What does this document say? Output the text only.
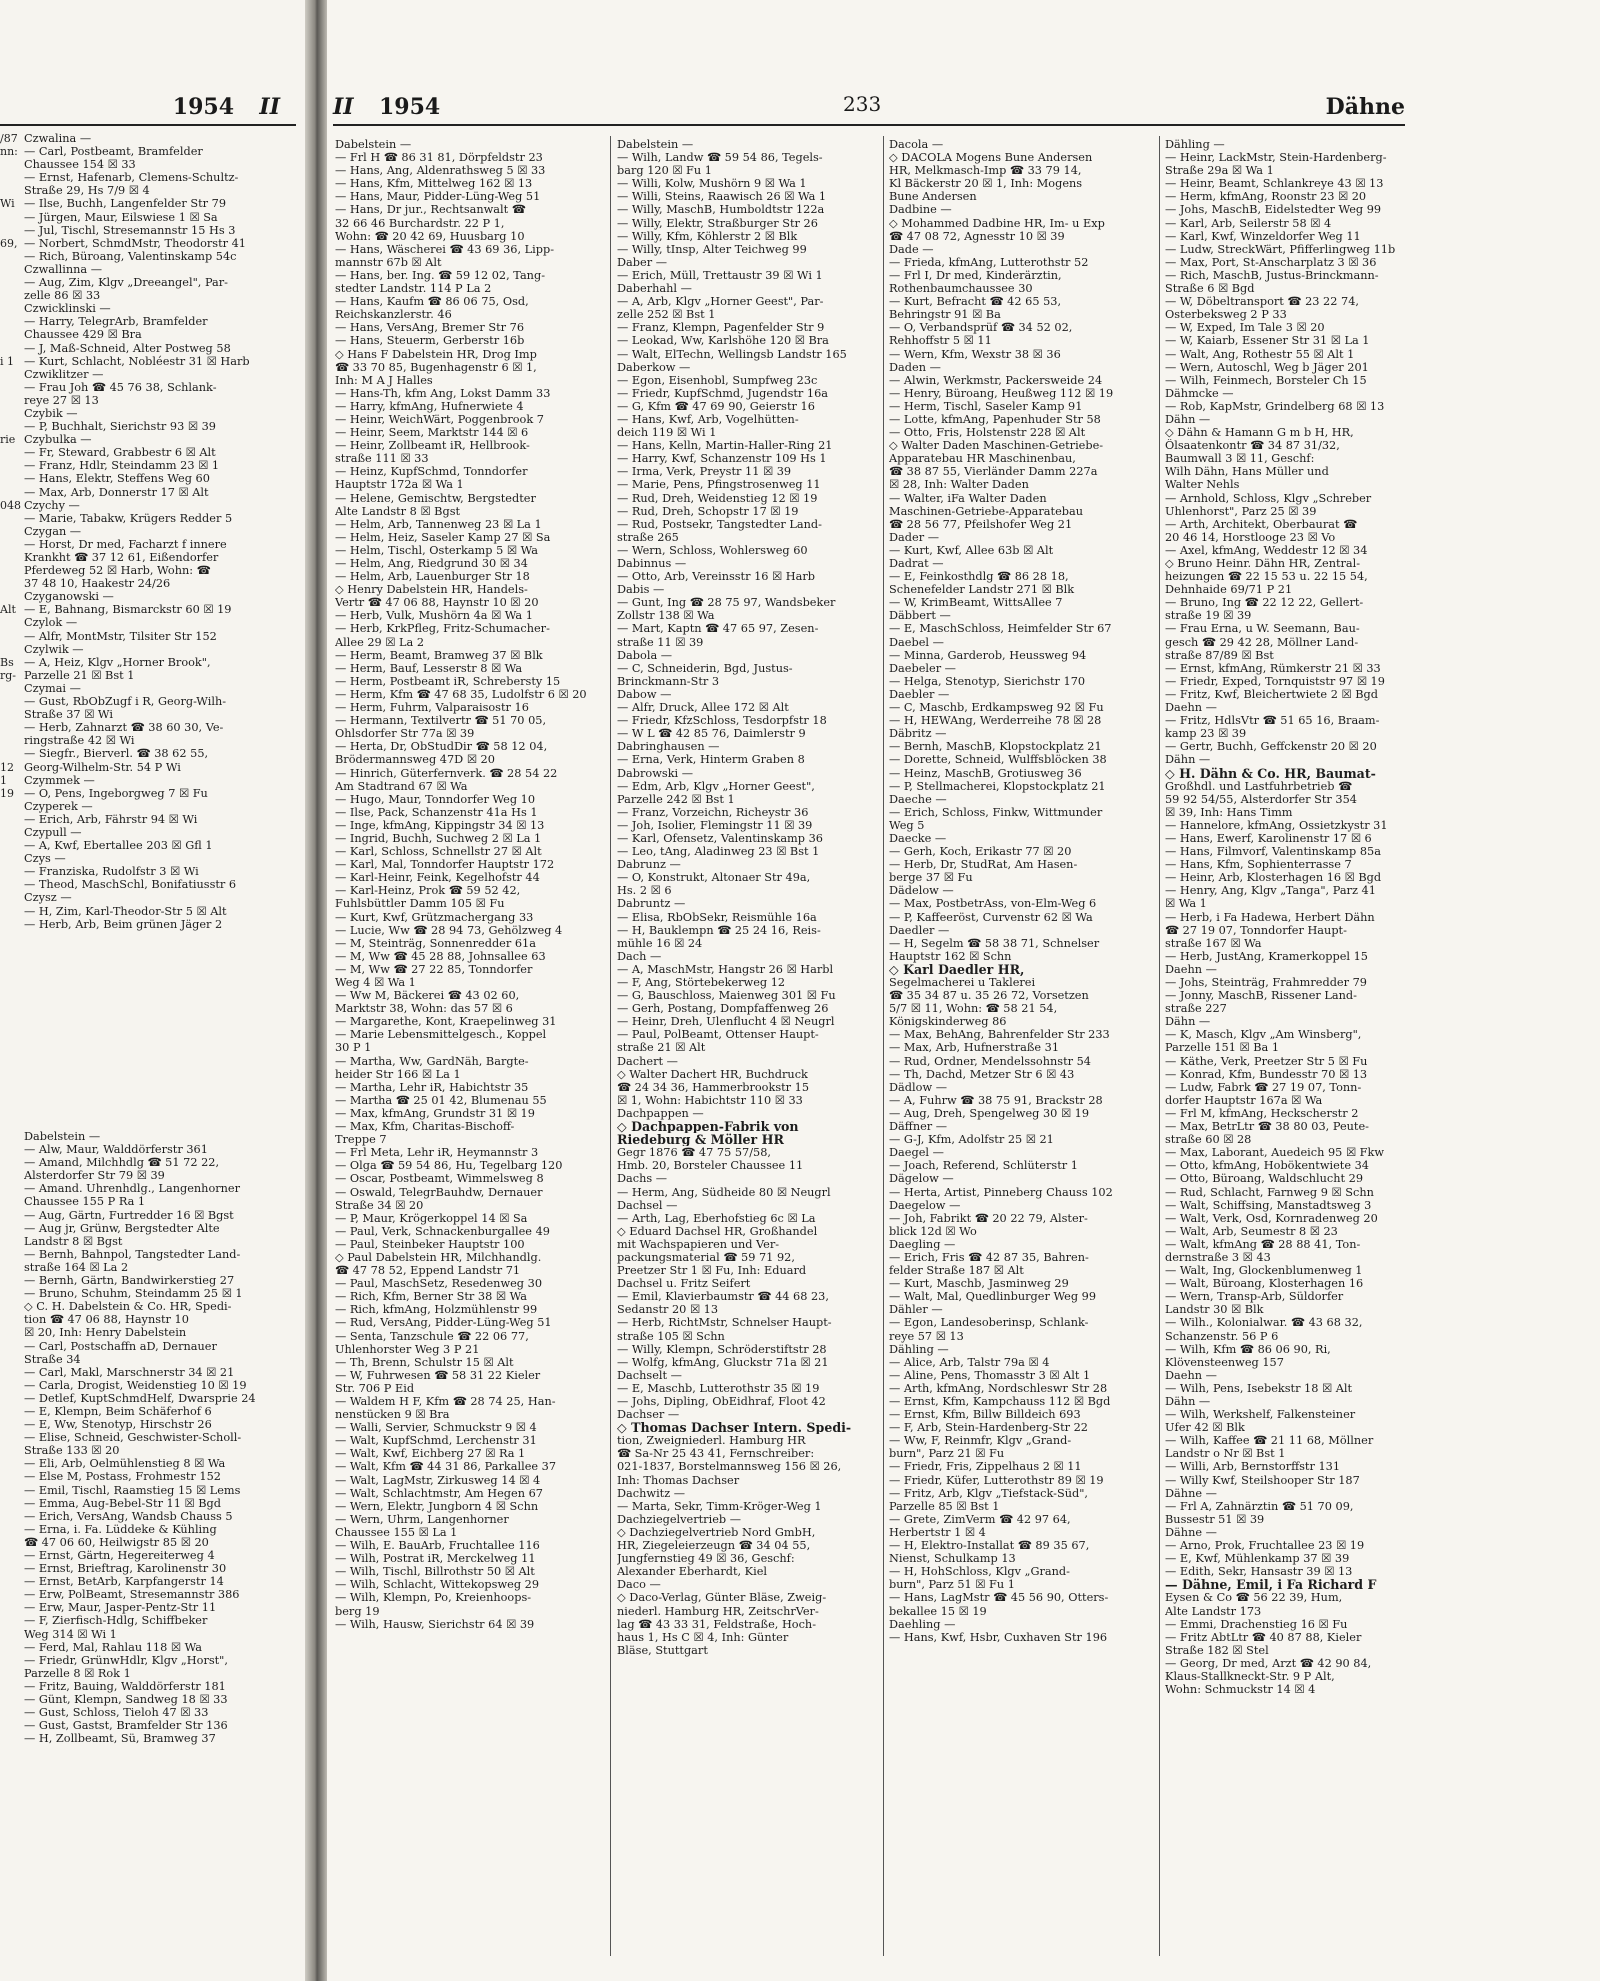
1954 II
/87
nn:

Wi

69,

i 1

rie

048

Alt

Bs
rg-

12
1
19
Czwalina —
— Carl, Postbeamt, Bramfelder
Chaussee 154 ☒ 33
— Ernst, Hafenarb, Clemens-Schultz-
Straße 29, Hs 7/9 ☒ 4
— Ilse, Buchh, Langenfelder Str 79
— Jürgen, Maur, Eilswiese 1 ☒ Sa
— Jul, Tischl, Stresemannstr 15 Hs 3
— Norbert, SchmdMstr, Theodorstr 41
— Rich, Büroang, Valentinskamp 54c
Czwallinna —
— Aug, Zim, Klgv „Dreeangel", Par-
zelle 86 ☒ 33
Czwicklinski —
— Harry, TelegrArb, Bramfelder
Chaussee 429 ☒ Bra
— J, Maß-Schneid, Alter Postweg 58
— Kurt, Schlacht, Nobléestr 31 ☒ Harb
Czwiklitzer —
— Frau Joh ☎ 45 76 38, Schlank-
reye 27 ☒ 13
Czybik —
— P, Buchhalt, Sierichstr 93 ☒ 39
Czybulka —
— Fr, Steward, Grabbestr 6 ☒ Alt
— Franz, Hdlr, Steindamm 23 ☒ 1
— Hans, Elektr, Steffens Weg 60
— Max, Arb, Donnerstr 17 ☒ Alt
Czychy —
— Marie, Tabakw, Krügers Redder 5
Czygan —
— Horst, Dr med, Facharzt f innere
Krankht ☎ 37 12 61, Eißendorfer
Pferdeweg 52 ☒ Harb, Wohn: ☎
37 48 10, Haakestr 24/26
Czyganowski —
— E, Bahnang, Bismarckstr 60 ☒ 19
Czylok —
— Alfr, MontMstr, Tilsiter Str 152
Czylwik —
— A, Heiz, Klgv „Horner Brook",
Parzelle 21 ☒ Bst 1
Czymai —
— Gust, RbObZugf i R, Georg-Wilh-
Straße 37 ☒ Wi
— Herb, Zahnarzt ☎ 38 60 30, Ve-
ringstraße 42 ☒ Wi
— Siegfr., Bierverl. ☎ 38 62 55,
Georg-Wilhelm-Str. 54 P Wi
Czymmek —
— O, Pens, Ingeborgweg 7 ☒ Fu
Czyperek —
— Erich, Arb, Fährstr 94 ☒ Wi
Czypull —
— A, Kwf, Ebertallee 203 ☒ Gfl 1
Czys —
— Franziska, Rudolfstr 3 ☒ Wi
— Theod, MaschSchl, Bonifatiusstr 6
Czysz —
— H, Zim, Karl-Theodor-Str 5 ☒ Alt
— Herb, Arb, Beim grünen Jäger 2
Dabelstein —
— Alw, Maur, Walddörferstr 361
— Amand, Milchhdlg ☎ 51 72 22,
Alsterdorfer Str 79 ☒ 39
— Amand. Uhrenhdlg., Langenhorner
Chaussee 155 P Ra 1
— Aug, Gärtn, Furtredder 16 ☒ Bgst
— Aug jr, Grünw, Bergstedter Alte
Landstr 8 ☒ Bgst
— Bernh, Bahnpol, Tangstedter Land-
straße 164 ☒ La 2
— Bernh, Gärtn, Bandwirkerstieg 27
— Bruno, Schuhm, Steindamm 25 ☒ 1
◇ C. H. Dabelstein & Co. HR, Spedi-
tion ☎ 47 06 88, Haynstr 10
☒ 20, Inh: Henry Dabelstein
— Carl, Postschaffn aD, Dernauer
Straße 34
— Carl, Makl, Marschnerstr 34 ☒ 21
— Carla, Drogist, Weidenstieg 10 ☒ 19
— Detlef, KuptSchmdHelf, Dwarsprie 24
— E, Klempn, Beim Schäferhof 6
— E, Ww, Stenotyp, Hirschstr 26
— Elise, Schneid, Geschwister-Scholl-
Straße 133 ☒ 20
— Eli, Arb, Oelmühlenstieg 8 ☒ Wa
— Else M, Postass, Frohmestr 152
— Emil, Tischl, Raamstieg 15 ☒ Lems
— Emma, Aug-Bebel-Str 11 ☒ Bgd
— Erich, VersAng, Wandsb Chauss 5
— Erna, i. Fa. Lüddeke & Kühling
☎ 47 06 60, Heilwigstr 85 ☒ 20
— Ernst, Gärtn, Hegereiterweg 4
— Ernst, Brieftrag, Karolinenstr 30
— Ernst, BetArb, Karpfangerstr 14
— Erw, PolBeamt, Stresemannstr 386
— Erw, Maur, Jasper-Pentz-Str 11
— F, Zierfisch-Hdlg, Schiffbeker
Weg 314 ☒ Wi 1
— Ferd, Mal, Rahlau 118 ☒ Wa
— Friedr, GrünwHdlr, Klgv „Horst",
Parzelle 8 ☒ Rok 1
— Fritz, Bauing, Walddörferstr 181
— Günt, Klempn, Sandweg 18 ☒ 33
— Gust, Schloss, Tieloh 47 ☒ 33
— Gust, Gastst, Bramfelder Str 136
— H, Zollbeamt, Sü, Bramweg 37
II 1954	233	Dähne
Dabelstein —
— Frl H ☎ 86 31 81, Dörpfeldstr 23
— Hans, Ang, Aldenrathsweg 5 ☒ 33
— Hans, Kfm, Mittelweg 162 ☒ 13
— Hans, Maur, Pidder-Lüng-Weg 51
— Hans, Dr jur., Rechtsanwalt ☎
32 66 46 Burchardstr. 22 P 1,
Wohn: ☎ 20 42 69, Huusbarg 10
— Hans, Wäscherei ☎ 43 69 36, Lipp-
mannstr 67b ☒ Alt
— Hans, ber. Ing. ☎ 59 12 02, Tang-
stedter Landstr. 114 P La 2
— Hans, Kaufm ☎ 86 06 75, Osd,
Reichskanzlerstr. 46
— Hans, VersAng, Bremer Str 76
— Hans, Steuerm, Gerberstr 16b
◇ Hans F Dabelstein HR, Drog Imp
☎ 33 70 85, Bugenhagenstr 6 ☒ 1,
Inh: M A J Halles
— Hans-Th, kfm Ang, Lokst Damm 33
— Harry, kfmAng, Hufnerwiete 4
— Heinr, WeichWärt, Poggenbrook 7
— Heinr, Seem, Marktstr 144 ☒ 6
— Heinr, Zollbeamt iR, Hellbrook-
straße 111 ☒ 33
— Heinz, KupfSchmd, Tonndorfer
Hauptstr 172a ☒ Wa 1
— Helene, Gemischtw, Bergstedter
Alte Landstr 8 ☒ Bgst
— Helm, Arb, Tannenweg 23 ☒ La 1
— Helm, Heiz, Saseler Kamp 27 ☒ Sa
— Helm, Tischl, Osterkamp 5 ☒ Wa
— Helm, Ang, Riedgrund 30 ☒ 34
— Helm, Arb, Lauenburger Str 18
◇ Henry Dabelstein HR, Handels-
Vertr ☎ 47 06 88, Haynstr 10 ☒ 20
— Herb, Vulk, Mushörn 4a ☒ Wa 1
— Herb, KrkPfleg, Fritz-Schumacher-
Allee 29 ☒ La 2
— Herm, Beamt, Bramweg 37 ☒ Blk
— Herm, Bauf, Lesserstr 8 ☒ Wa
— Herm, Postbeamt iR, Schrebersty 15
— Herm, Kfm ☎ 47 68 35, Ludolfstr 6 ☒ 20
— Herm, Fuhrm, Valparaisostr 16
— Hermann, Textilvertr ☎ 51 70 05,
Ohlsdorfer Str 77a ☒ 39
— Herta, Dr, ObStudDir ☎ 58 12 04,
Brödermannsweg 47D ☒ 20
— Hinrich, Güterfernverk. ☎ 28 54 22
Am Stadtrand 67 ☒ Wa
— Hugo, Maur, Tonndorfer Weg 10
— Ilse, Pack, Schanzenstr 41a Hs 1
— Inge, kfmAng, Kippingstr 34 ☒ 13
— Ingrid, Buchh, Suchweg 2 ☒ La 1
— Karl, Schloss, Schnellstr 27 ☒ Alt
— Karl, Mal, Tonndorfer Hauptstr 172
— Karl-Heinr, Feink, Kegelhofstr 44
— Karl-Heinz, Prok ☎ 59 52 42,
Fuhlsbüttler Damm 105 ☒ Fu
— Kurt, Kwf, Grützmachergang 33
— Lucie, Ww ☎ 28 94 73, Gehölzweg 4
— M, Steinträg, Sonnenredder 61a
— M, Ww ☎ 45 28 88, Johnsallee 63
— M, Ww ☎ 27 22 85, Tonndorfer
Weg 4 ☒ Wa 1
— Ww M, Bäckerei ☎ 43 02 60,
Marktstr 38, Wohn: das 57 ☒ 6
— Margarethe, Kont, Kraepelinweg 31
— Marie Lebensmittelgesch., Koppel
30 P 1
— Martha, Ww, GardNäh, Bargte-
heider Str 166 ☒ La 1
— Martha, Lehr iR, Habichtstr 35
— Martha ☎ 25 01 42, Blumenau 55
— Max, kfmAng, Grundstr 31 ☒ 19
— Max, Kfm, Charitas-Bischoff-
Treppe 7
— Frl Meta, Lehr iR, Heymannstr 3
— Olga ☎ 59 54 86, Hu, Tegelbarg 120
— Oscar, Postbeamt, Wimmelsweg 8
— Oswald, TelegrBauhdw, Dernauer
Straße 34 ☒ 20
— P, Maur, Krögerkoppel 14 ☒ Sa
— Paul, Verk, Schnackenburgallee 49
— Paul, Steinbeker Hauptstr 100
◇ Paul Dabelstein HR, Milchhandlg.
☎ 47 78 52, Eppend Landstr 71
— Paul, MaschSetz, Resedenweg 30
— Rich, Kfm, Berner Str 38 ☒ Wa
— Rich, kfmAng, Holzmühlenstr 99
— Rud, VersAng, Pidder-Lüng-Weg 51
— Senta, Tanzschule ☎ 22 06 77,
Uhlenhorster Weg 3 P 21
— Th, Brenn, Schulstr 15 ☒ Alt
— W, Fuhrwesen ☎ 58 31 22 Kieler
Str. 706 P Eid
— Waldem H F, Kfm ☎ 28 74 25, Han-
nenstücken 9 ☒ Bra
— Walli, Servier, Schmuckstr 9 ☒ 4
— Walt, KupfSchmd, Lerchenstr 31
— Walt, Kwf, Eichberg 27 ☒ Ra 1
— Walt, Kfm ☎ 44 31 86, Parkallee 37
— Walt, LagMstr, Zirkusweg 14 ☒ 4
— Walt, Schlachtmstr, Am Hegen 67
— Wern, Elektr, Jungborn 4 ☒ Schn
— Wern, Uhrm, Langenhorner
Chaussee 155 ☒ La 1
— Wilh, E. BauArb, Fruchtallee 116
— Wilh, Postrat iR, Merckelweg 11
— Wilh, Tischl, Billrothstr 50 ☒ Alt
— Wilh, Schlacht, Wittekopsweg 29
— Wilh, Klempn, Po, Kreienhoops-
berg 19
— Wilh, Hausw, Sierichstr 64 ☒ 39
Dabelstein —
— Wilh, Landw ☎ 59 54 86, Tegels-
barg 120 ☒ Fu 1
— Willi, Kolw, Mushörn 9 ☒ Wa 1
— Willi, Steins, Raawisch 26 ☒ Wa 1
— Willy, MaschB, Humboldtstr 122a
— Willy, Elektr, Straßburger Str 26
— Willy, Kfm, Köhlerstr 2 ☒ Blk
— Willy, tInsp, Alter Teichweg 99
Daber —
— Erich, Müll, Trettaustr 39 ☒ Wi 1
Daberhahl —
— A, Arb, Klgv „Horner Geest", Par-
zelle 252 ☒ Bst 1
— Franz, Klempn, Pagenfelder Str 9
— Leokad, Ww, Karlshöhe 120 ☒ Bra
— Walt, ElTechn, Wellingsb Landstr 165
Daberkow —
— Egon, Eisenhobl, Sumpfweg 23c
— Friedr, KupfSchmd, Jugendstr 16a
— G, Kfm ☎ 47 69 90, Geierstr 16
— Hans, Kwf, Arb, Vogelhütten-
deich 119 ☒ Wi 1
— Hans, Kelln, Martin-Haller-Ring 21
— Harry, Kwf, Schanzenstr 109 Hs 1
— Irma, Verk, Preystr 11 ☒ 39
— Marie, Pens, Pfingstrosenweg 11
— Rud, Dreh, Weidenstieg 12 ☒ 19
— Rud, Dreh, Schopstr 17 ☒ 19
— Rud, Postsekr, Tangstedter Land-
straße 265
— Wern, Schloss, Wohlersweg 60
Dabinnus —
— Otto, Arb, Vereinsstr 16 ☒ Harb
Dabis —
— Gunt, Ing ☎ 28 75 97, Wandsbeker
Zollstr 138 ☒ Wa
— Mart, Kaptn ☎ 47 65 97, Zesen-
straße 11 ☒ 39
Dabola —
— C, Schneiderin, Bgd, Justus-
Brinckmann-Str 3
Dabow —
— Alfr, Druck, Allee 172 ☒ Alt
— Friedr, KfzSchloss, Tesdorpfstr 18
— W L ☎ 42 85 76, Daimlerstr 9
Dabringhausen —
— Erna, Verk, Hinterm Graben 8
Dabrowski —
— Edm, Arb, Klgv „Horner Geest",
Parzelle 242 ☒ Bst 1
— Franz, Vorzeichn, Richeystr 36
— Joh, Isolier, Flemingstr 11 ☒ 39
— Karl, Ofensetz, Valentinskamp 36
— Leo, tAng, Aladinweg 23 ☒ Bst 1
Dabrunz —
— O, Konstrukt, Altonaer Str 49a,
Hs. 2 ☒ 6
Dabruntz —
— Elisa, RbObSekr, Reismühle 16a
— H, Bauklempn ☎ 25 24 16, Reis-
mühle 16 ☒ 24
Dach —
— A, MaschMstr, Hangstr 26 ☒ Harbl
— F, Ang, Störtebekerweg 12
— G, Bauschloss, Maienweg 301 ☒ Fu
— Gerh, Postang, Dompfaffenweg 26
— Heinr, Dreh, Ulenflucht 4 ☒ Neugrl
— Paul, PolBeamt, Ottenser Haupt-
straße 21 ☒ Alt
Dachert —
◇ Walter Dachert HR, Buchdruck
☎ 24 34 36, Hammerbrookstr 15
☒ 1, Wohn: Habichtstr 110 ☒ 33
Dachpappen —
◇ Dachpappen-Fabrik von
Riedeburg & Möller HR
Gegr 1876 ☎ 47 75 57/58,
Hmb. 20, Borsteler Chaussee 11
Dachs —
— Herm, Ang, Südheide 80 ☒ Neugrl
Dachsel —
— Arth, Lag, Eberhofstieg 6c ☒ La
◇ Eduard Dachsel HR, Großhandel
mit Wachspapieren und Ver-
packungsmaterial ☎ 59 71 92,
Preetzer Str 1 ☒ Fu, Inh: Eduard
Dachsel u. Fritz Seifert
— Emil, Klavierbaumstr ☎ 44 68 23,
Sedanstr 20 ☒ 13
— Herb, RichtMstr, Schnelser Haupt-
straße 105 ☒ Schn
— Willy, Klempn, Schröderstiftstr 28
— Wolfg, kfmAng, Gluckstr 71a ☒ 21
Dachselt —
— E, Maschb, Lutterothstr 35 ☒ 19
— Johs, Dipling, ObEidhraf, Floot 42
Dachser —
◇ Thomas Dachser Intern. Spedi-
tion, Zweigniederl. Hamburg HR
☎ Sa-Nr 25 43 41, Fernschreiber:
021-1837, Borstelmannsweg 156 ☒ 26,
Inh: Thomas Dachser
Dachwitz —
— Marta, Sekr, Timm-Kröger-Weg 1
Dachziegelvertrieb —
◇ Dachziegelvertrieb Nord GmbH,
HR, Ziegeleierzeugn ☎ 34 04 55,
Jungfernstieg 49 ☒ 36, Geschf:
Alexander Eberhardt, Kiel
Daco —
◇ Daco-Verlag, Günter Bläse, Zweig-
niederl. Hamburg HR, ZeitschrVer-
lag ☎ 43 33 31, Feldstraße, Hoch-
haus 1, Hs C ☒ 4, Inh: Günter
Bläse, Stuttgart
Dacola —
◇ DACOLA Mogens Bune Andersen
HR, Melkmasch-Imp ☎ 33 79 14,
Kl Bäckerstr 20 ☒ 1, Inh: Mogens
Bune Andersen
Dadbine —
◇ Mohammed Dadbine HR, Im- u Exp
☎ 47 08 72, Agnesstr 10 ☒ 39
Dade —
— Frieda, kfmAng, Lutterothstr 52
— Frl I, Dr med, Kinderärztin,
Rothenbaumchaussee 30
— Kurt, Befracht ☎ 42 65 53,
Behringstr 91 ☒ Ba
— O, Verbandsprüf ☎ 34 52 02,
Rehhoffstr 5 ☒ 11
— Wern, Kfm, Wexstr 38 ☒ 36
Daden —
— Alwin, Werkmstr, Packersweide 24
— Henry, Büroang, Heußweg 112 ☒ 19
— Herm, Tischl, Saseler Kamp 91
— Lotte, kfmAng, Papenhuder Str 58
— Otto, Fris, Holstenstr 228 ☒ Alt
◇ Walter Daden Maschinen-Getriebe-
Apparatebau HR Maschinenbau,
☎ 38 87 55, Vierländer Damm 227a
☒ 28, Inh: Walter Daden
— Walter, iFa Walter Daden
Maschinen-Getriebe-Apparatebau
☎ 28 56 77, Pfeilshofer Weg 21
Dader —
— Kurt, Kwf, Allee 63b ☒ Alt
Dadrat —
— E, Feinkosthdlg ☎ 86 28 18,
Schenefelder Landstr 271 ☒ Blk
— W, KrimBeamt, WittsAllee 7
Däbbert —
— E, MaschSchloss, Heimfelder Str 67
Daebel —
— Minna, Garderob, Heussweg 94
Daebeler —
— Helga, Stenotyp, Sierichstr 170
Daebler —
— C, Maschb, Erdkampsweg 92 ☒ Fu
— H, HEWAng, Werderreihe 78 ☒ 28
Däbritz —
— Bernh, MaschB, Klopstockplatz 21
— Dorette, Schneid, Wulffsblöcken 38
— Heinz, MaschB, Grotiusweg 36
— P, Stellmacherei, Klopstockplatz 21
Daeche —
— Erich, Schloss, Finkw, Wittmunder
Weg 5
Daecke —
— Gerh, Koch, Erikastr 77 ☒ 20
— Herb, Dr, StudRat, Am Hasen-
berge 37 ☒ Fu
Dädelow —
— Max, PostbetrAss, von-Elm-Weg 6
— P, Kaffeeröst, Curvenstr 62 ☒ Wa
Daedler —
— H, Segelm ☎ 58 38 71, Schnelser
Hauptstr 162 ☒ Schn
◇ Karl Daedler HR,
Segelmacherei u Taklerei
☎ 35 34 87 u. 35 26 72, Vorsetzen
5/7 ☒ 11, Wohn: ☎ 58 21 54,
Königskinderweg 86
— Max, BehAng, Bahrenfelder Str 233
— Max, Arb, Hufnerstraße 31
— Rud, Ordner, Mendelssohnstr 54
— Th, Dachd, Metzer Str 6 ☒ 43
Dädlow —
— A, Fuhrw ☎ 38 75 91, Brackstr 28
— Aug, Dreh, Spengelweg 30 ☒ 19
Däffner —
— G-J, Kfm, Adolfstr 25 ☒ 21
Daegel —
— Joach, Referend, Schlüterstr 1
Dägelow —
— Herta, Artist, Pinneberg Chauss 102
Daegelow —
— Joh, Fabrikt ☎ 20 22 79, Alster-
blick 12d ☒ Wo
Daegling —
— Erich, Fris ☎ 42 87 35, Bahren-
felder Straße 187 ☒ Alt
— Kurt, Maschb, Jasminweg 29
— Walt, Mal, Quedlinburger Weg 99
Dähler —
— Egon, Landesoberinsp, Schlank-
reye 57 ☒ 13
Dähling —
— Alice, Arb, Talstr 79a ☒ 4
— Aline, Pens, Thomasstr 3 ☒ Alt 1
— Arth, kfmAng, Nordschleswr Str 28
— Ernst, Kfm, Kampchauss 112 ☒ Bgd
— Ernst, Kfm, Billw Billdeich 693
— F, Arb, Stein-Hardenberg-Str 22
— Ww, F, Reinmfr, Klgv „Grand-
burn", Parz 21 ☒ Fu
— Friedr, Fris, Zippelhaus 2 ☒ 11
— Friedr, Küfer, Lutterothstr 89 ☒ 19
— Fritz, Arb, Klgv „Tiefstack-Süd",
Parzelle 85 ☒ Bst 1
— Grete, ZimVerm ☎ 42 97 64,
Herbertstr 1 ☒ 4
— H, Elektro-Installat ☎ 89 35 67,
Nienst, Schulkamp 13
— H, HohSchloss, Klgv „Grand-
burn", Parz 51 ☒ Fu 1
— Hans, LagMstr ☎ 45 56 90, Otters-
bekallee 15 ☒ 19
Daehling —
— Hans, Kwf, Hsbr, Cuxhaven Str 196
Dähling —
— Heinr, LackMstr, Stein-Hardenberg-
Straße 29a ☒ Wa 1
— Heinr, Beamt, Schlankreye 43 ☒ 13
— Herm, kfmAng, Roonstr 23 ☒ 20
— Johs, MaschB, Eidelstedter Weg 99
— Karl, Arb, Seilerstr 58 ☒ 4
— Karl, Kwf, Winzeldorfer Weg 11
— Ludw, StreckWärt, Pfifferlingweg 11b
— Max, Port, St-Anscharplatz 3 ☒ 36
— Rich, MaschB, Justus-Brinckmann-
Straße 6 ☒ Bgd
— W, Döbeltransport ☎ 23 22 74,
Osterbeksweg 2 P 33
— W, Exped, Im Tale 3 ☒ 20
— W, Kaiarb, Essener Str 31 ☒ La 1
— Walt, Ang, Rothestr 55 ☒ Alt 1
— Wern, Autoschl, Weg b Jäger 201
— Wilh, Feinmech, Borsteler Ch 15
Dähmcke —
— Rob, KapMstr, Grindelberg 68 ☒ 13
Dähn —
◇ Dähn & Hamann G m b H, HR,
Ölsaatenkontr ☎ 34 87 31/32,
Baumwall 3 ☒ 11, Geschf:
Wilh Dähn, Hans Müller und
Walter Nehls
— Arnhold, Schloss, Klgv „Schreber
Uhlenhorst", Parz 25 ☒ 39
— Arth, Architekt, Oberbaurat ☎
20 46 14, Horstlooge 23 ☒ Vo
— Axel, kfmAng, Weddestr 12 ☒ 34
◇ Bruno Heinr. Dähn HR, Zentral-
heizungen ☎ 22 15 53 u. 22 15 54,
Dehnhaide 69/71 P 21
— Bruno, Ing ☎ 22 12 22, Gellert-
straße 19 ☒ 39
— Frau Erna, u W. Seemann, Bau-
gesch ☎ 29 42 28, Möllner Land-
straße 87/89 ☒ Bst
— Ernst, kfmAng, Rümkerstr 21 ☒ 33
— Friedr, Exped, Tornquiststr 97 ☒ 19
— Fritz, Kwf, Bleichertwiete 2 ☒ Bgd
Daehn —
— Fritz, HdlsVtr ☎ 51 65 16, Braam-
kamp 23 ☒ 39
— Gertr, Buchh, Geffckenstr 20 ☒ 20
Dähn —
◇ H. Dähn & Co. HR, Baumat-
Großhdl. und Lastfuhrbetrieb ☎
59 92 54/55, Alsterdorfer Str 354
☒ 39, Inh: Hans Timm
— Hannelore, kfmAng, Ossietzkystr 31
— Hans, Ewerf, Karolinenstr 17 ☒ 6
— Hans, Filmvorf, Valentinskamp 85a
— Hans, Kfm, Sophienterrasse 7
— Heinr, Arb, Klosterhagen 16 ☒ Bgd
— Henry, Ang, Klgv „Tanga", Parz 41
☒ Wa 1
— Herb, i Fa Hadewa, Herbert Dähn
☎ 27 19 07, Tonndorfer Haupt-
straße 167 ☒ Wa
— Herb, JustAng, Kramerkoppel 15
Daehn —
— Johs, Steinträg, Frahmredder 79
— Jonny, MaschB, Rissener Land-
straße 227
Dähn —
— K, Masch, Klgv „Am Winsberg",
Parzelle 151 ☒ Ba 1
— Käthe, Verk, Preetzer Str 5 ☒ Fu
— Konrad, Kfm, Bundesstr 70 ☒ 13
— Ludw, Fabrk ☎ 27 19 07, Tonn-
dorfer Hauptstr 167a ☒ Wa
— Frl M, kfmAng, Heckscherstr 2
— Max, BetrLtr ☎ 38 80 03, Peute-
straße 60 ☒ 28
— Max, Laborant, Auedeich 95 ☒ Fkw
— Otto, kfmAng, Hobökentwiete 34
— Otto, Büroang, Waldschlucht 29
— Rud, Schlacht, Farnweg 9 ☒ Schn
— Walt, Schiffsing, Manstadtsweg 3
— Walt, Verk, Osd, Kornradenweg 20
— Walt, Arb, Seumestr 8 ☒ 23
— Walt, kfmAng ☎ 28 88 41, Ton-
dernstraße 3 ☒ 43
— Walt, Ing, Glockenblumenweg 1
— Walt, Büroang, Klosterhagen 16
— Wern, Transp-Arb, Süldorfer
Landstr 30 ☒ Blk
— Wilh., Kolonialwar. ☎ 43 68 32,
Schanzenstr. 56 P 6
— Wilh, Kfm ☎ 86 06 90, Ri,
Klövensteenweg 157
Daehn —
— Wilh, Pens, Isebekstr 18 ☒ Alt
Dähn —
— Wilh, Werkshelf, Falkensteiner
Ufer 42 ☒ Blk
— Wilh, Kaffee ☎ 21 11 68, Möllner
Landstr o Nr ☒ Bst 1
— Willi, Arb, Bernstorffstr 131
— Willy Kwf, Steilshooper Str 187
Dähne —
— Frl A, Zahnärztin ☎ 51 70 09,
Bussestr 51 ☒ 39
Dähne —
— Arno, Prok, Fruchtallee 23 ☒ 19
— E, Kwf, Mühlenkamp 37 ☒ 39
— Edith, Sekr, Hansastr 39 ☒ 13
— Dähne, Emil, i Fa Richard F
Eysen & Co ☎ 56 22 39, Hum,
Alte Landstr 173
— Emmi, Drachenstieg 16 ☒ Fu
— Fritz AbtLtr ☎ 40 87 88, Kieler
Straße 182 ☒ Stel
— Georg, Dr med, Arzt ☎ 42 90 84,
Klaus-Stallkneckt-Str. 9 P Alt,
Wohn: Schmuckstr 14 ☒ 4
